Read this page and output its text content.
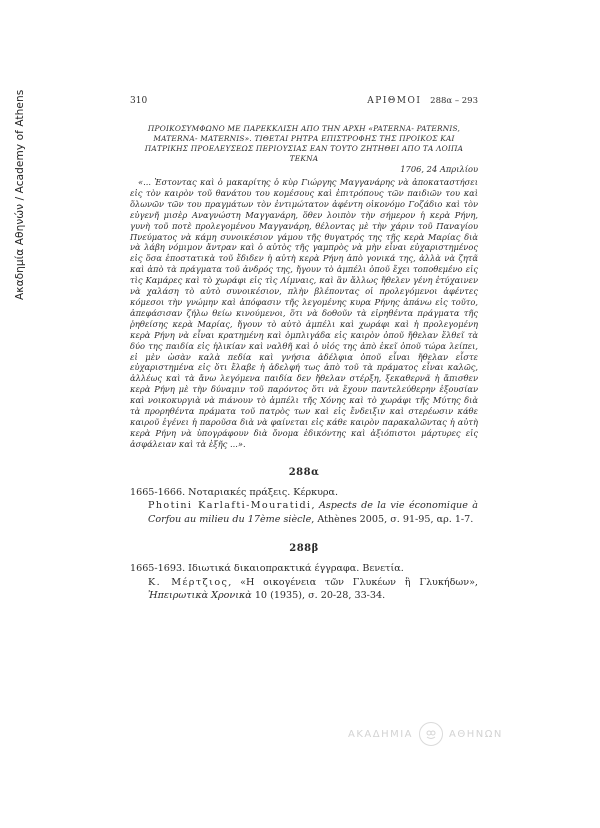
Ακαδημία Αθηνών / Academy of Athens	310	ΑΡΙΘΜΟΙ 288α – 293
ΠΡΟΙΚΟΣΥΜΦΩΝΟ ΜΕ ΠΑΡΕΚΚΛΙΣΗ ΑΠΟ ΤΗΝ ΑΡΧΗ «PATERNA- PATERNIS, MATERNA- MATERNIS». ΤΙΘΕΤΑΙ ΡΗΤΡΑ ΕΠΙΣΤΡΟΦΗΣ ΤΗΣ ΠΡΟΙΚΟΣ ΚΑΙ ΠΑΤΡΙΚΗΣ ΠΡΟΕΛΕΥΣΕΩΣ ΠΕΡΙΟΥΣΙΑΣ ΕΑΝ ΤΟΥΤΟ ΖΗΤΗΘΕΙ ΑΠΟ ΤΑ ΛΟΙΠΑ ΤΕΚΝΑ
1706, 24 Απριλίου
«... Ἐστοντας καὶ ὁ μακαρίτης ὁ κὺρ Γιώργης Μαγγανάρης νὰ ἀποκαταστήσει εἰς τὸν καιρὸν τοῦ θανάτου του κομέσους καὶ ἐπιτρόπους τῶν παιδιῶν του καὶ ὅλωνῶν τῶν του πραγμάτων τὸν ἐντιμώτατον ἀφέντη οἰκονόμο Γοζάδιο καὶ τὸν εὐγενῆ μισὲρ Αναγνώστη Μαγγανάρη, ὅθεν λοιπὸν τὴν σήμερον ἡ κερὰ Ρήνη, γυνὴ τοῦ ποτὲ προλεγομένου Μαγγανάρη, θέλοντας μὲ τὴν χάριν τοῦ Παναγίου Πνεύματος νὰ κάμη συνοικέσιον γάμου τῆς θυγατρός της τῆς κερὰ Μαρίας διὰ νὰ λάβη νόμιμον ἄντραν καὶ ὁ αὐτὸς τῆς γαμπρὸς νὰ μὴν εἶναι εὐχαριστημένος εἰς ὅσα ἐποστατικὰ τοῦ ἔδιδεν ἡ αὐτὴ κερὰ Ρήνη ἀπὸ γονικά της, ἀλλὰ νὰ ζητᾶ καὶ ἀπὸ τὰ πράγματα τοῦ ἀνδρός της, ἤγουν τὸ ἀμπέλι ὁποῦ ἔχει τοποθεμένο εἰς τὶς Καμάρες καὶ τὸ χωράφι εἰς τὶς Λίμναις, καὶ ἂν ἄλλως ἤθελεν γένη ἐτύχαινεν νὰ χαλάση τὸ αὐτὸ συνοικέσιον, πλὴν βλέποντας οἱ προλεγόμενοι ἀφέντες κόμεσοι τὴν γνώμην καὶ ἀπόφασιν τῆς λεγομένης κυρα Ρήνης ἀπάνω εἰς τοῦτο, ἀπεφάσισαν ζήλω θείω κινούμενοι, ὅτι νὰ δοθοῦν τὰ εἰρηθέντα πράγματα τῆς ῥηθείσης κερὰ Μαρίας, ἤγουν τὸ αὐτὸ ἀμπέλι καὶ χωράφι καὶ ἡ προλεγομένη κερὰ Ρήνη νὰ εἶναι κρατημένη καὶ ὀμπλιγάδα εἰς καιρὸν ὁποῦ ἤθελαν ἔλθεῖ τὰ δύο της παιδία εἰς ἡλικίαν καὶ ναλθῆ καὶ ὁ υἱός της ἀπὸ ἐκεῖ ὁποῦ τώρα λείπει, εἰ μὲν ὡσὰν καλὰ πεδία καὶ γνήσια ἀδέλφια ὁποῦ εἶναι ἤθελαν εἶστε εὐχαριστημένα εἰς ὅτι ἔλαβε ἡ ἀδελφή τως ἀπὸ τοῦ τὰ πράματος εἶναι καλῶς, ἀλλέως καὶ τὰ ἄνω λεγόμενα παιδία δεν ἤθελαν στέρξη, ξεκαθερνᾶ ἡ ἄπισθεν κερὰ Ρήνη μὲ τὴν δύναμιν τοῦ παρόντος ὅτι νὰ ἔχουν παντελεύθερην ἐξουσίαν καὶ νοικοκυργιὰ νὰ πιάνουν τὸ ἀμπέλι τῆς Χόνης καὶ τὸ χωράφι τῆς Μύτης διὰ τὰ προρηθέντα πράματα τοῦ πατρὸς των καὶ εἰς ἔνδειξιν καὶ στερέωσιν κάθε καιροῦ ἐγένει ἡ παροῦσα διὰ νὰ φαίνεται εἰς κάθε καιρὸν παρακαλῶντας ἡ αὐτὴ κερὰ Ρήνη νὰ ὑπογράφουν διὰ ὄνομα ἐδικόντης καὶ ἀξιόπιστοι μάρτυρες εἰς ἀσφάλειαν καὶ τὰ ἑξῆς ...».
288α
1665-1666. Νοταριακές πράξεις. Κέρκυρα.
Photini Karlafti-Mouratidi, Aspects de la vie économique à Corfou au milieu du 17ème siècle, Athènes 2005, σ. 91-95, αρ. 1-7.
288β
1665-1693. Ιδιωτικά δικαιοπρακτικά έγγραφα. Βενετία.
Κ. Μέρτζιος, «Η οικογένεια τῶν Γλυκέων ἢ Γλυκήδων», Ἠπειρωτικὰ Χρονικὰ 10 (1935), σ. 20-28, 33-34.
ΑΚΑΔΗΜΙΑ	ΑΘΗΝΩΝ
